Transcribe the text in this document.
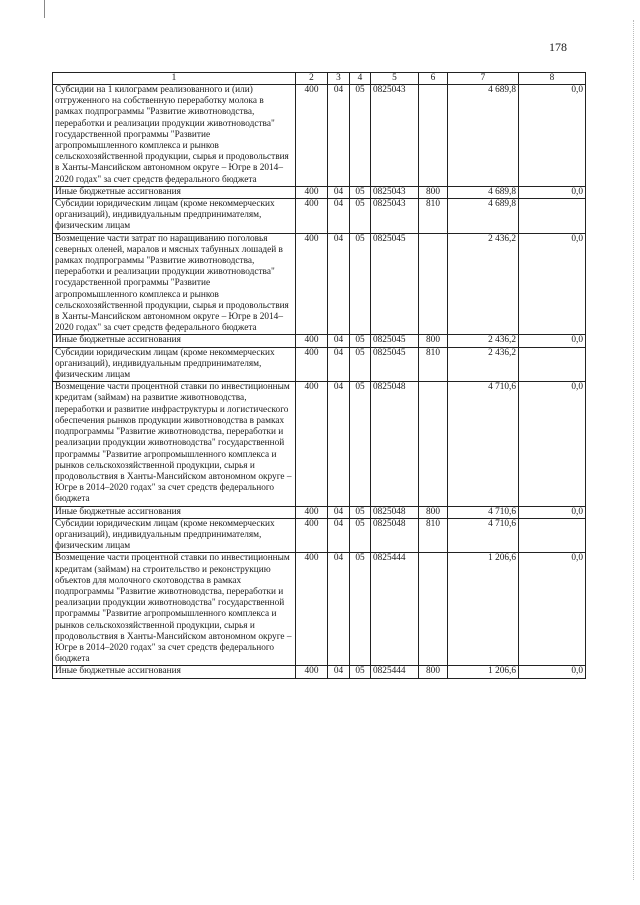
178
1	2	3	4	5	6	7	8
Субсидии на 1 килограмм реализованного и (или) отгруженного на собственную переработку молока в рамках подпрограммы "Развитие животноводства, переработки и реализации продукции животноводства" государственной программы "Развитие агропромышленного комплекса и рынков сельскохозяйственной продукции, сырья и продовольствия в Ханты-Мансийском автономном округе – Югре в 2014–2020 годах" за счет средств федерального бюджета	400	04	05	0825043		4 689,8	0,0
Иные бюджетные ассигнования	400	04	05	0825043	800	4 689,8	0,0
Субсидии юридическим лицам (кроме некоммерческих организаций), индивидуальным предпринимателям, физическим лицам	400	04	05	0825043	810	4 689,8	
Возмещение части затрат по наращиванию поголовья северных оленей, маралов и мясных табунных лошадей в рамках подпрограммы "Развитие животноводства, переработки и реализации продукции животноводства" государственной программы "Развитие агропромышленного комплекса и рынков сельскохозяйственной продукции, сырья и продовольствия в Ханты-Мансийском автономном округе – Югре в 2014–2020 годах" за счет средств федерального бюджета	400	04	05	0825045		2 436,2	0,0
Иные бюджетные ассигнования	400	04	05	0825045	800	2 436,2	0,0
Субсидии юридическим лицам (кроме некоммерческих организаций), индивидуальным предпринимателям, физическим лицам	400	04	05	0825045	810	2 436,2	
Возмещение части процентной ставки по инвестиционным кредитам (займам) на развитие животноводства, переработки и развитие инфраструктуры и логистического обеспечения рынков продукции животноводства в рамках подпрограммы "Развитие животноводства, переработки и реализации продукции животноводства" государственной программы "Развитие агропромышленного комплекса и рынков сельскохозяйственной продукции, сырья и продовольствия в Ханты-Мансийском автономном округе – Югре в 2014–2020 годах" за счет средств федерального бюджета	400	04	05	0825048		4 710,6	0,0
Иные бюджетные ассигнования	400	04	05	0825048	800	4 710,6	0,0
Субсидии юридическим лицам (кроме некоммерческих организаций), индивидуальным предпринимателям, физическим лицам	400	04	05	0825048	810	4 710,6	
Возмещение части процентной ставки по инвестиционным кредитам (займам) на строительство и реконструкцию объектов для молочного скотоводства в рамках подпрограммы "Развитие животноводства, переработки и реализации продукции животноводства" государственной программы "Развитие агропромышленного комплекса и рынков сельскохозяйственной продукции, сырья и продовольствия в Ханты-Мансийском автономном округе – Югре в 2014–2020 годах" за счет средств федерального бюджета	400	04	05	0825444		1 206,6	0,0
Иные бюджетные ассигнования	400	04	05	0825444	800	1 206,6	0,0
